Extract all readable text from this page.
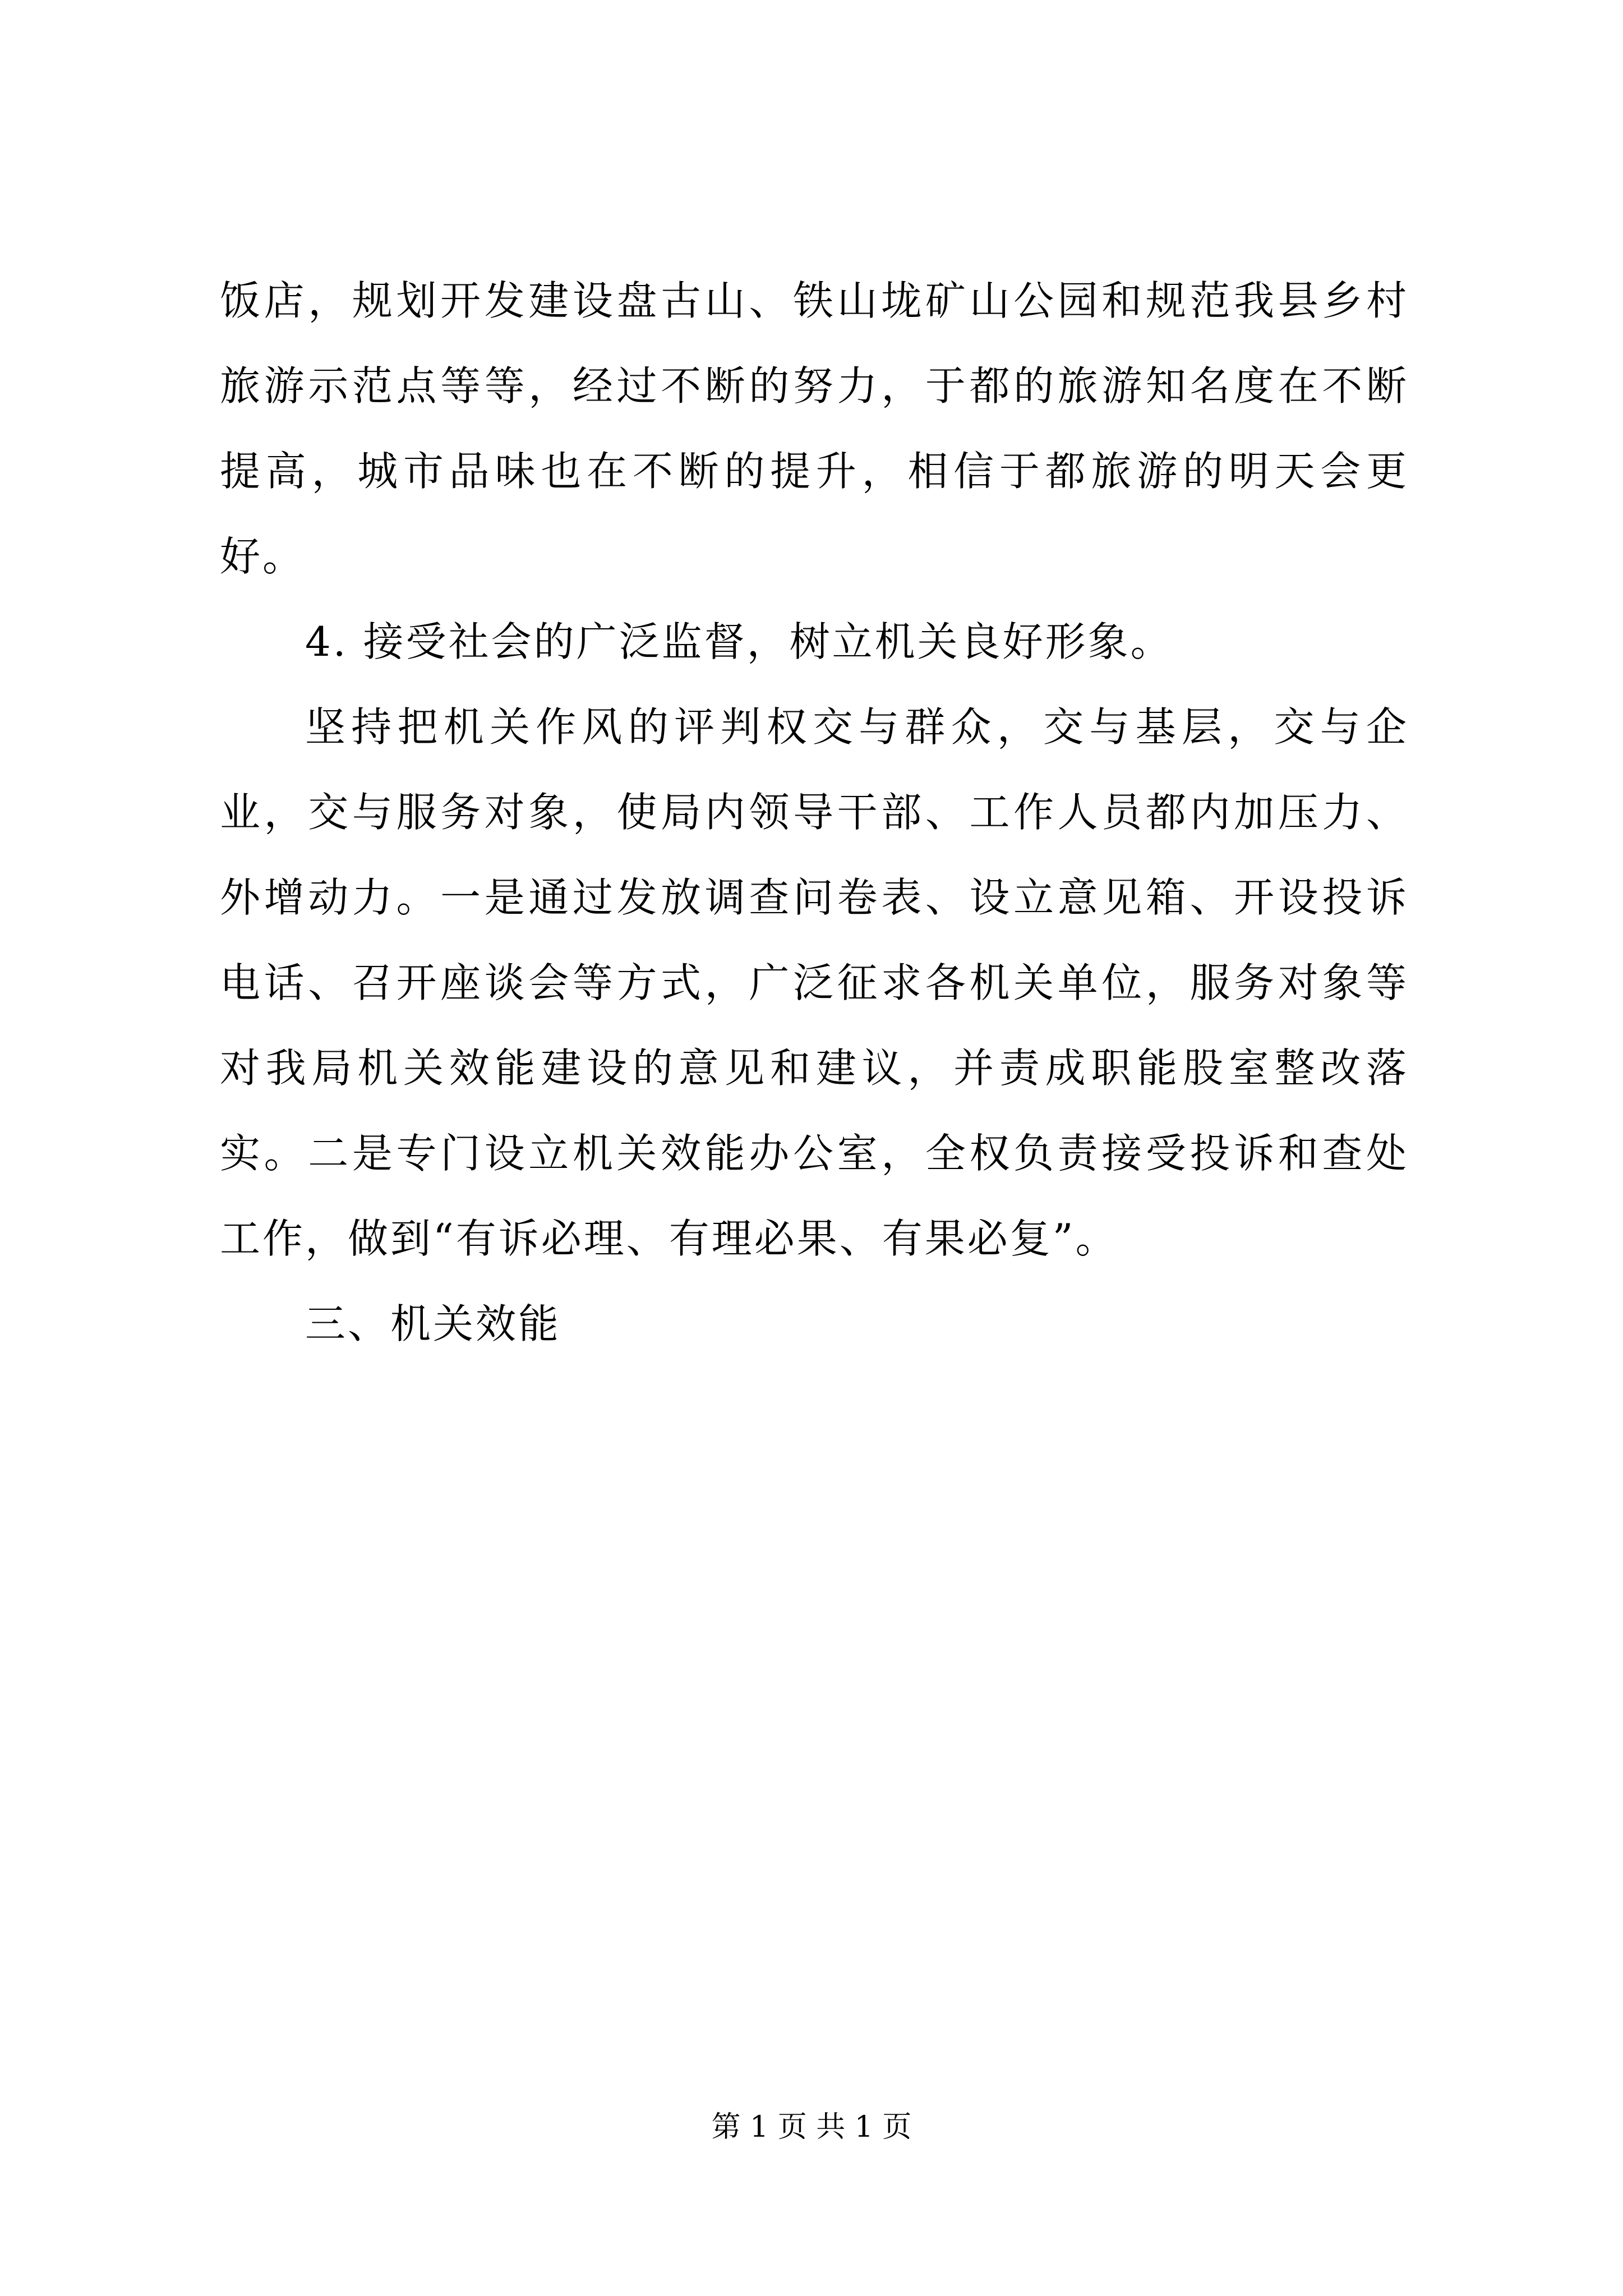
饭店，规划开发建设盘古山、铁山垅矿山公园和规范我县乡村旅游示范点等等，经过不断的努力，于都的旅游知名度在不断提高，城市品味也在不断的提升，相信于都旅游的明天会更好。

4. 接受社会的广泛监督，树立机关良好形象。

坚持把机关作风的评判权交与群众，交与基层，交与企业，交与服务对象，使局内领导干部、工作人员都内加压力、外增动力。一是通过发放调查问卷表、设立意见箱、开设投诉电话、召开座谈会等方式，广泛征求各机关单位，服务对象等对我局机关效能建设的意见和建议，并责成职能股室整改落实。二是专门设立机关效能办公室，全权负责接受投诉和查处工作，做到“有诉必理、有理必果、有果必复”。

三、机关效能

第 1 页 共 1 页
